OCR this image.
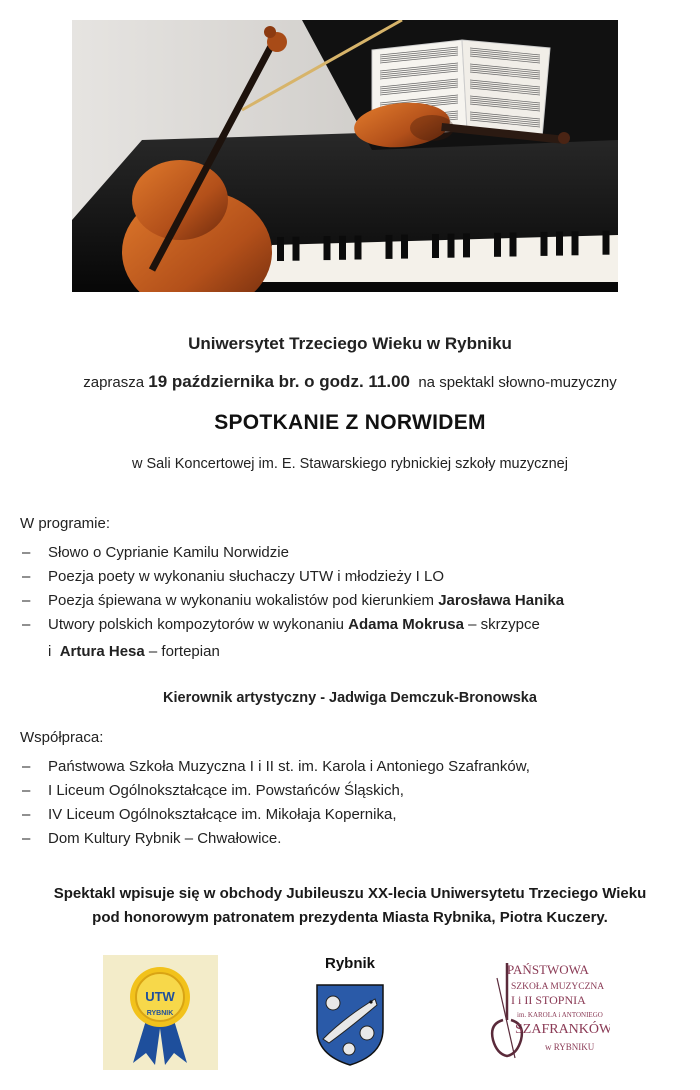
Uniwersytet Trzeciego Wieku w Rybniku
zaprasza 19 października br. o godz. 11.00 na spektakl słowno-muzyczny
SPOTKANIE Z NORWIDEM
w Sali Koncertowej im. E. Stawarskiego rybnickiej szkoły muzycznej
W programie:
– Słowo o Cyprianie Kamilu Norwidzie
– Poezja poety w wykonaniu słuchaczy UTW i młodzieży I LO
– Poezja śpiewana w wykonaniu wokalistów pod kierunkiem Jarosława Hanika
– Utwory polskich kompozytorów w wykonaniu Adama Mokrusa – skrzypce
i Artura Hesa – fortepian
Kierownik artystyczny - Jadwiga Demczuk-Bronowska
Współpraca:
– Państwowa Szkoła Muzyczna I i II st. im. Karola i Antoniego Szafranków,
– I Liceum Ogólnokształcące im. Powstańców Śląskich,
– IV Liceum Ogólnokształcące im. Mikołaja Kopernika,
– Dom Kultury Rybnik – Chwałowice.
Spektakl wpisuje się w obchody Jubileuszu XX-lecia Uniwersytetu Trzeciego Wieku
pod honorowym patronatem prezydenta Miasta Rybnika, Piotra Kuczery.
UTW
RYBNIK
Rybnik	PAŃSTWOWA
SZKOŁA MUZYCZNA
I i II STOPNIA
im. KAROLA i ANTONIEGO
SZAFRANKÓW
w RYBNIKU
